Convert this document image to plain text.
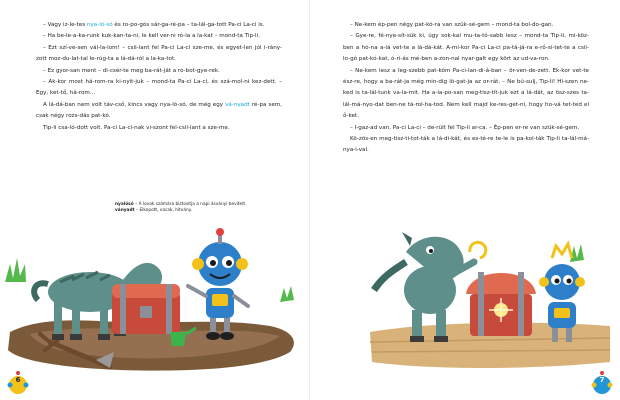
– Vagy iz-le-tes nya-ló-só és ro-po-gós sár-ga-ré-pa – ta-lál-ga-tott Pa-ci La-ci is.

– Ha be-le-a-ka-runk kuk-kan-ta-ni, le kell ver-ni ró-la a la-kat – mond-ta Tip-li.

– Ezt szí-ve-sen vál-la-lom! – csil-lant fel Pa-ci La-ci sze-me, és egyet-len jól i-rány-zott moz-du-lat-tal le-rúg-ta a lá-dá-ról a la-ka-tot.

– Ez gyor-san ment – di-csér-te meg ba-rát-ját a ro-bot-gye-rek.

– Ak-kor most há-rom-ra ki-nyit-juk – mond-ta Pa-ci La-ci, és szá-mol-ni kez-dett. – Egy, ket-tő, há-rom…

A lá-dá-ban nem volt táv-cső, kincs vagy nya-ló-só, de még egy vá-nyadt ré-pa sem, csak négy rozs-dás pat-kó.

Tip-li csa-ló-dott volt. Pa-ci La-ci-nak vi-szont fel-csil-lant a sze-me.

nyalósó – A lovak számára biztosítja a napi ásványi bevitelt.
ványadt – Elkopott, vacak, hitvány.
6

– Ne-kem ép-pen négy pat-kó-ra van szük-sé-gem – mond-ta bol-do-gan.

– Gye-re, fé-nye-sít-sük ki, úgy sok-kal mu-ta-tó-sabb lesz – mond-ta Tip-li, mi-köz-ben a hó-na a-lá vet-te a lá-dá-kát. A-mi-kor Pa-ci La-ci pa-tá-já-ra e-rő-sí-tet-te a csil-lo-gó pat-kó-kat, ó-ri-ás mé-ben a-zon-nal nyar-galt egy kört az ud-va-ron.

– Ne-kem lesz a leg-szebb pat-kóm Pa-ci-lan-di-á-ban – ör-ven-de-zett. Ek-kor vet-te ész-re, hogy a ba-rát-ja még min-dig lö-gat-ja az or-rát. – Ne bú-sulj, Tip-li! Hi-szen ne-ked is ta-lál-tunk va-la-mit. Ha a-la-po-san meg-tisz-tít-juk ezt a lá-dát, az ösz-szes ta-lál-má-nyo-dat ben-ne tá-rol-ha-tod. Nem kell majd ke-res-get-ni, hogy ho-vá tet-ted el ő-ket.

– I-gaz-ad van, Pa-ci La-ci – de-rült fel Tip-li ar-ca. – Ép-pen er-re van szük-sé-gem.

Kö-zös-en meg-tisz-ti-tot-ták a lá-di-kát, és es-té-re te-le is pa-kol-ták Tip-li ta-lál-má-nya-i-val.

7
